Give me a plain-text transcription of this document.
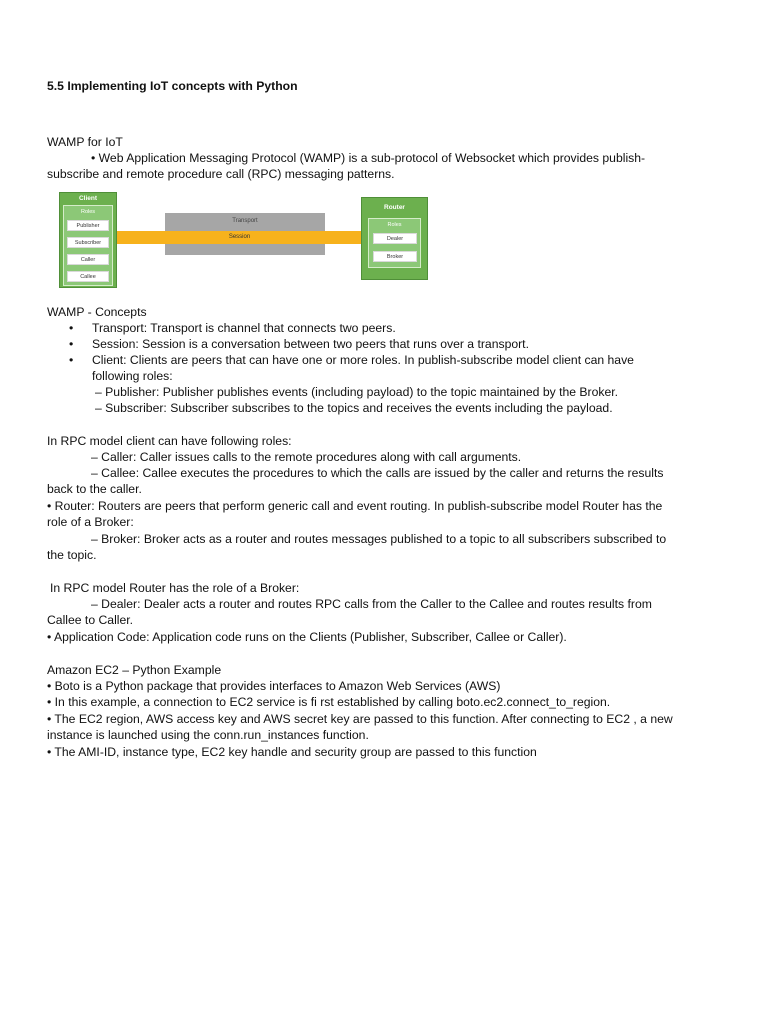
5.5 Implementing IoT concepts with Python
WAMP for IoT
• Web Application Messaging Protocol (WAMP) is a sub-protocol of Websocket which provides publish-
subscribe and remote procedure call (RPC) messaging patterns.
Client
Roles
Publisher
Subscriber
Caller
Callee
Transport
Session
Router
Roles
Dealer
Broker
WAMP - Concepts
• Transport: Transport is channel that connects two peers.
• Session: Session is a conversation between two peers that runs over a transport.
• Client: Clients are peers that can have one or more roles. In publish-subscribe model client can have
following roles:
– Publisher: Publisher publishes events (including payload) to the topic maintained by the Broker.
– Subscriber: Subscriber subscribes to the topics and receives the events including the payload.
In RPC model client can have following roles:
– Caller: Caller issues calls to the remote procedures along with call arguments.
– Callee: Callee executes the procedures to which the calls are issued by the caller and returns the results
back to the caller.
• Router: Routers are peers that perform generic call and event routing. In publish-subscribe model Router has the
role of a Broker:
– Broker: Broker acts as a router and routes messages published to a topic to all subscribers subscribed to
the topic.
In RPC model Router has the role of a Broker:
– Dealer: Dealer acts a router and routes RPC calls from the Caller to the Callee and routes results from
Callee to Caller.
• Application Code: Application code runs on the Clients (Publisher, Subscriber, Callee or Caller).
Amazon EC2 – Python Example
• Boto is a Python package that provides interfaces to Amazon Web Services (AWS)
• In this example, a connection to EC2 service is fi rst established by calling boto.ec2.connect_to_region.
• The EC2 region, AWS access key and AWS secret key are passed to this function. After connecting to EC2 , a new
instance is launched using the conn.run_instances function.
• The AMI-ID, instance type, EC2 key handle and security group are passed to this function
